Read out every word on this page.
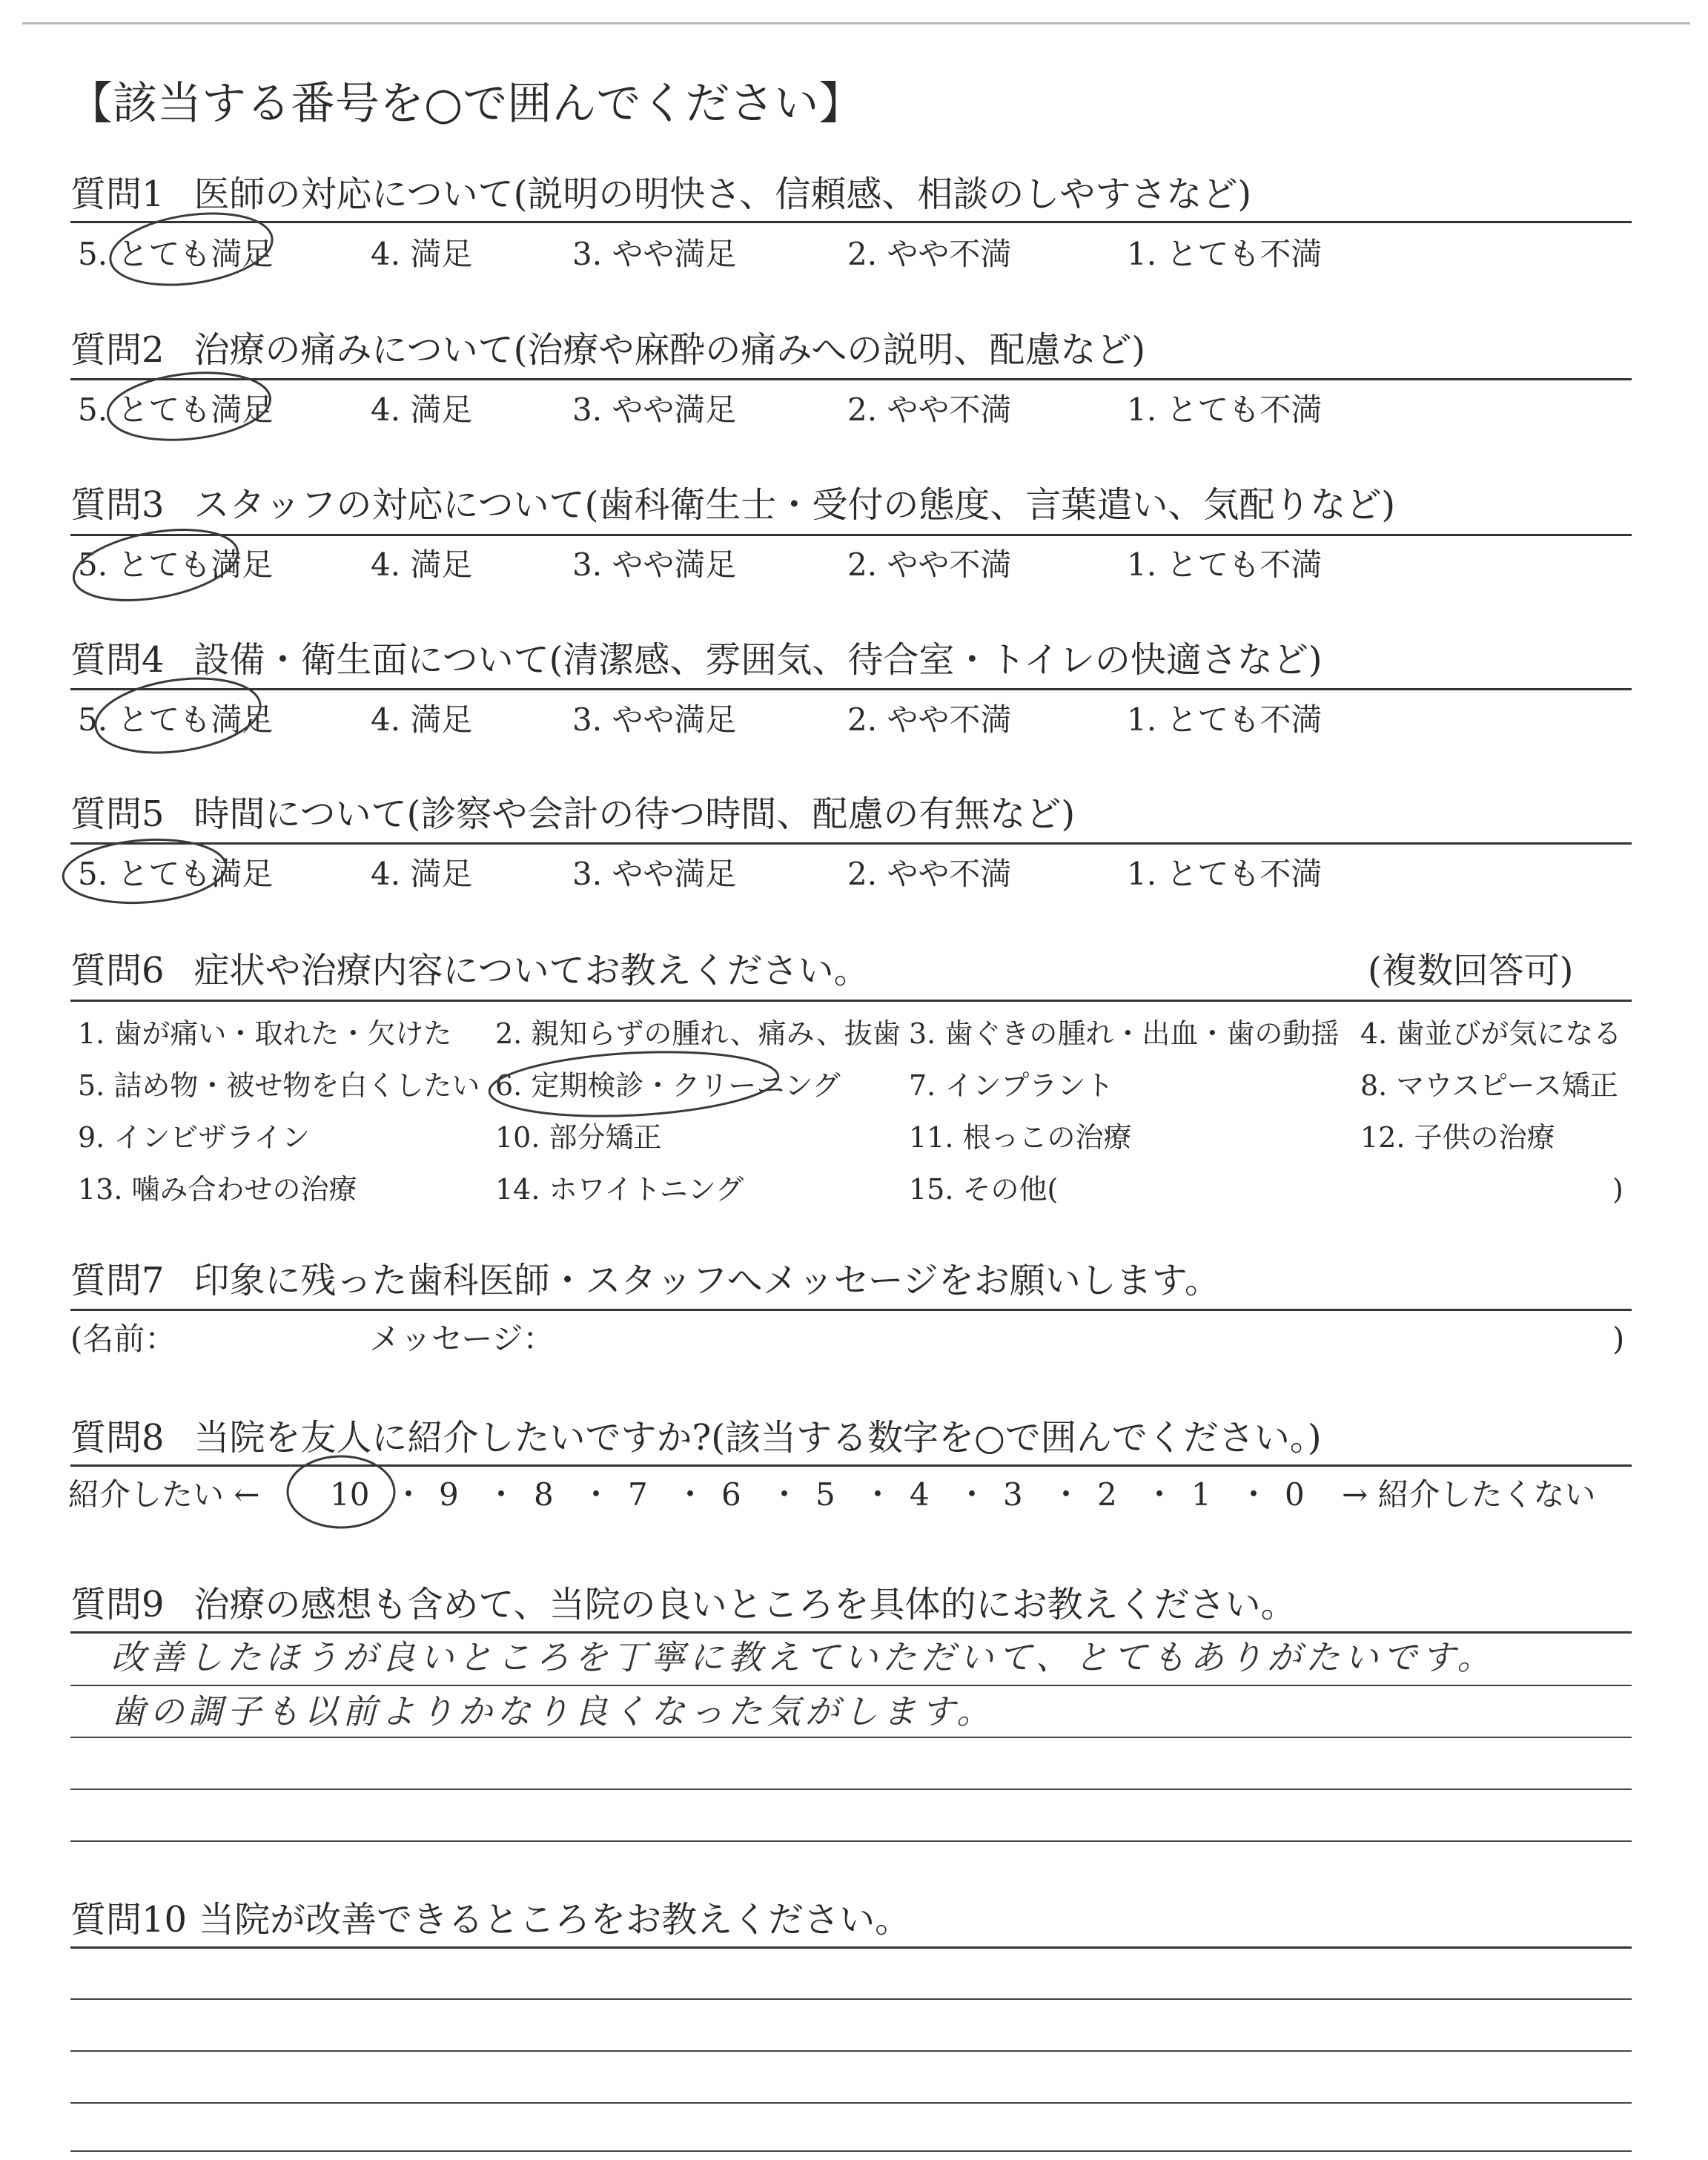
【該当する番号を○で囲んでください】
質問1 医師の対応について(説明の明快さ、信頼感、相談のしやすさなど)
5. とても満足	4. 満足	3. やや満足	2. やや不満	1. とても不満
質問2 治療の痛みについて(治療や麻酔の痛みへの説明、配慮など)
5. とても満足	4. 満足	3. やや満足	2. やや不満	1. とても不満
質問3 スタッフの対応について(歯科衛生士・受付の態度、言葉遣い、気配りなど)
5. とても満足	4. 満足	3. やや満足	2. やや不満	1. とても不満
質問4 設備・衛生面について(清潔感、雰囲気、待合室・トイレの快適さなど)
5. とても満足	4. 満足	3. やや満足	2. やや不満	1. とても不満
質問5 時間について(診察や会計の待つ時間、配慮の有無など)
5. とても満足	4. 満足	3. やや満足	2. やや不満	1. とても不満
質問6 症状や治療内容についてお教えください。	(複数回答可)
1. 歯が痛い・取れた・欠けた 2. 親知らずの腫れ、痛み、抜歯 3. 歯ぐきの腫れ・出血・歯の動揺 4. 歯並びが気になる
5. 詰め物・被せ物を白くしたい 6. 定期検診・クリーニング 7. インプラント	8. マウスピース矯正
9. インビザライン	10. 部分矯正	11. 根っこの治療	12. 子供の治療
13. 噛み合わせの治療	14. ホワイトニング	15. その他(	)
質問7 印象に残った歯科医師・スタッフへメッセージをお願いします。
(名前：	メッセージ：	)
質問8 当院を友人に紹介したいですか?(該当する数字を○で囲んでください。)
紹介したい ← 10 ・ 9 ・ 8 ・ 7 ・ 6 ・ 5 ・ 4 ・ 3 ・ 2 ・ 1 ・ 0 → 紹介したくない
質問9 治療の感想も含めて、当院の良いところを具体的にお教えください。
改善したほうが良いところを丁寧に教えていただいて、とてもありがたいです。
歯の調子も以前よりかなり良くなった気がします。
質問10 当院が改善できるところをお教えください。
